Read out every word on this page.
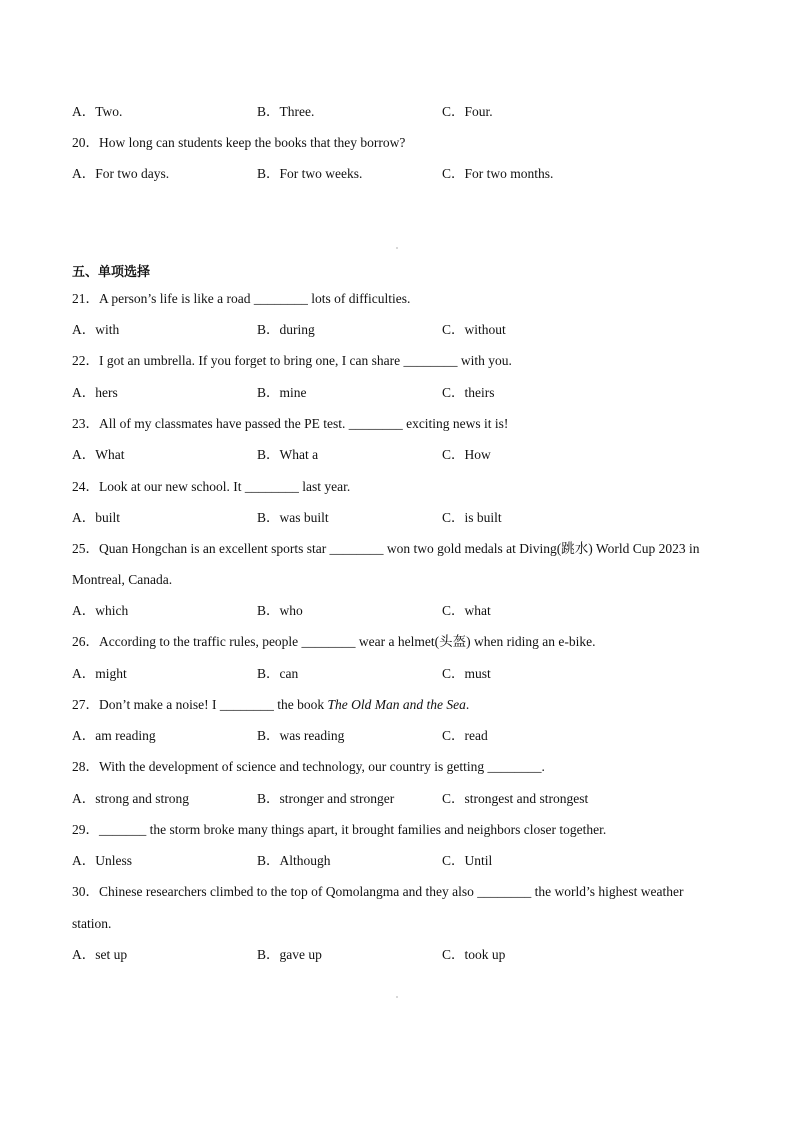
A．Two.	B．Three.	C．Four.
20．How long can students keep the books that they borrow?
A．For two days.	B．For two weeks.	C．For two months.
五、单项选择
21．A person’s life is like a road ________ lots of difficulties.
A．with	B．during	C．without
22．I got an umbrella. If you forget to bring one, I can share ________ with you.
A．hers	B．mine	C．theirs
23．All of my classmates have passed the PE test. ________ exciting news it is!
A．What	B．What a	C．How
24．Look at our new school. It ________ last year.
A．built	B．was built	C．is built
25．Quan Hongchan is an excellent sports star ________ won two gold medals at Diving(跳水) World Cup 2023 in
Montreal, Canada.
A．which	B．who	C．what
26．According to the traffic rules, people ________ wear a helmet(头盔) when riding an e-bike.
A．might	B．can	C．must
27．Don’t make a noise! I ________ the book The Old Man and the Sea.
A．am reading	B．was reading	C．read
28．With the development of science and technology, our country is getting ________.
A．strong and strong	B．stronger and stronger	C．strongest and strongest
29．_______ the storm broke many things apart, it brought families and neighbors closer together.
A．Unless	B．Although	C．Until
30．Chinese researchers climbed to the top of Qomolangma and they also ________ the world’s highest weather
station.
A．set up	B．gave up	C．took up
